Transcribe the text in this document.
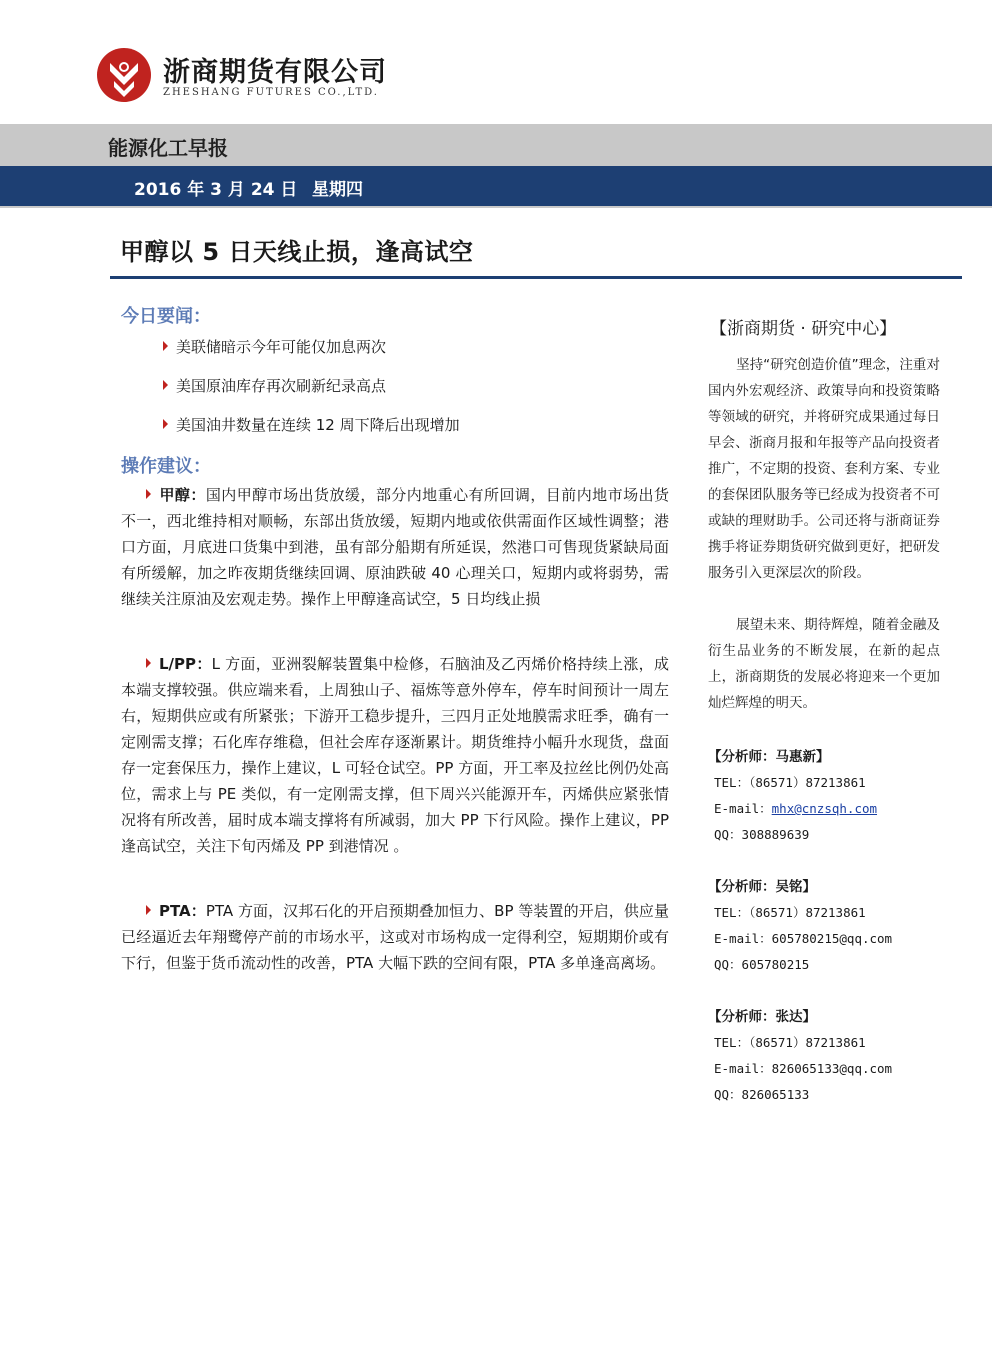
浙商期货有限公司
ZHESHANG FUTURES CO.,LTD.
能源化工早报
2016 年 3 月 24 日 星期四
甲醇以 5 日天线止损，逢高试空
今日要闻：
美联储暗示今年可能仅加息两次
美国原油库存再次刷新纪录高点
美国油井数量在连续 12 周下降后出现增加
操作建议：
甲醇：国内甲醇市场出货放缓，部分内地重心有所回调，目前内地市场出货不一，西北维持相对顺畅，东部出货放缓，短期内地或依供需面作区域性调整；港口方面，月底进口货集中到港，虽有部分船期有所延误，然港口可售现货紧缺局面有所缓解，加之昨夜期货继续回调、原油跌破 40 心理关口，短期内或将弱势，需继续关注原油及宏观走势。操作上甲醇逢高试空，5 日均线止损
L/PP：L 方面，亚洲裂解装置集中检修，石脑油及乙丙烯价格持续上涨，成本端支撑较强。供应端来看，上周独山子、福炼等意外停车，停车时间预计一周左右，短期供应或有所紧张；下游开工稳步提升，三四月正处地膜需求旺季，确有一定刚需支撑；石化库存维稳，但社会库存逐渐累计。期货维持小幅升水现货，盘面存一定套保压力，操作上建议，L 可轻仓试空。PP 方面，开工率及拉丝比例仍处高位，需求上与 PE 类似，有一定刚需支撑，但下周兴兴能源开车，丙烯供应紧张情况将有所改善，届时成本端支撑将有所减弱，加大 PP 下行风险。操作上建议，PP 逢高试空，关注下旬丙烯及 PP 到港情况 。
PTA：PTA 方面，汉邦石化的开启预期叠加恒力、BP 等装置的开启，供应量已经逼近去年翔鹭停产前的市场水平，这或对市场构成一定得利空，短期期价或有下行，但鉴于货币流动性的改善，PTA 大幅下跌的空间有限，PTA 多单逢高离场。
【浙商期货 · 研究中心】
坚持“研究创造价值”理念，注重对国内外宏观经济、政策导向和投资策略等领域的研究，并将研究成果通过每日早会、浙商月报和年报等产品向投资者推广，不定期的投资、套利方案、专业的套保团队服务等已经成为投资者不可或缺的理财助手。公司还将与浙商证券携手将证券期货研究做到更好，把研发服务引入更深层次的阶段。
展望未来、期待辉煌，随着金融及衍生品业务的不断发展，在新的起点上，浙商期货的发展必将迎来一个更加灿烂辉煌的明天。
【分析师：马惠新】
TEL：（86571）87213861
E-mail：mhx@cnzsqh.com
QQ：308889639
【分析师：吴铭】
TEL：（86571）87213861
E-mail：605780215@qq.com
QQ：605780215
【分析师：张达】
TEL：（86571）87213861
E-mail：826065133@qq.com
QQ：826065133
